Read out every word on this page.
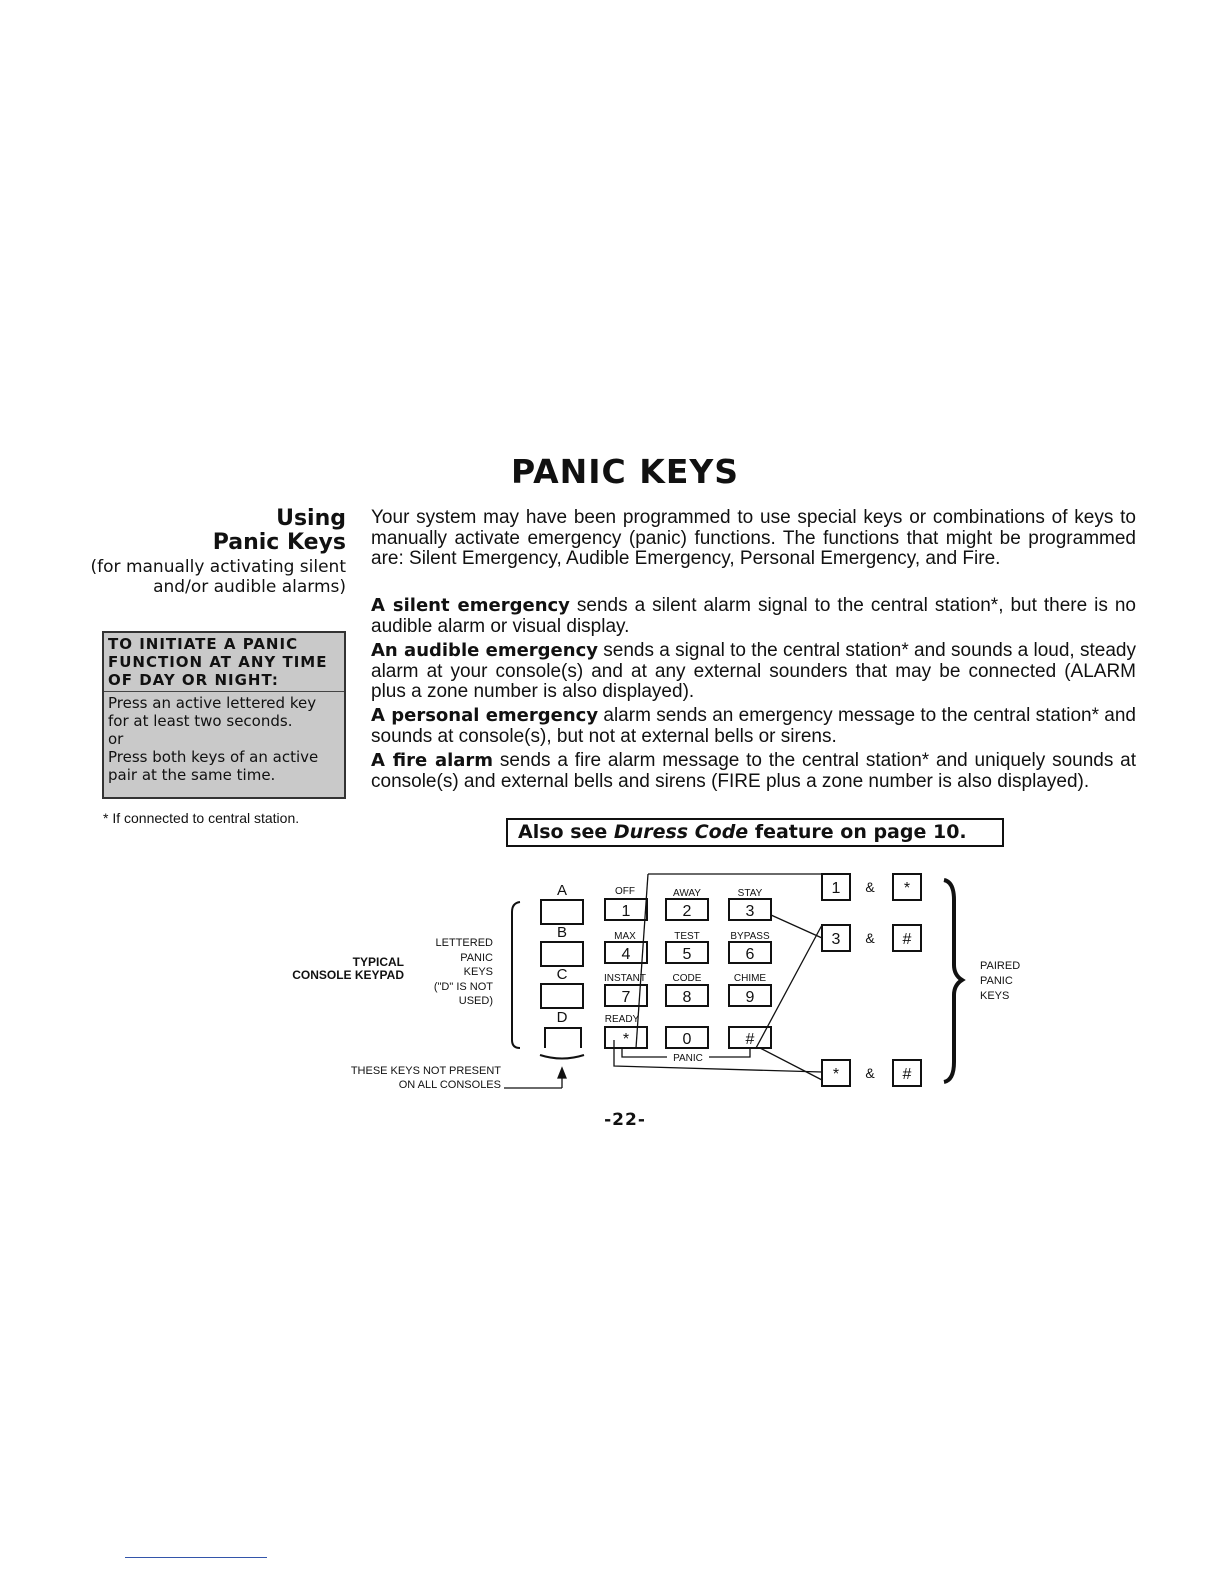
PANIC KEYS
Using
Panic Keys
(for manually activating silent and/or audible alarms)
TO INITIATE A PANIC FUNCTION AT ANY TIME OF DAY OR NIGHT:
Press an active lettered key for at least two seconds.
or
Press both keys of an active pair at the same time.
* If connected to central station.
Your system may have been programmed to use special keys or combinations of keys to manually activate emergency (panic) functions. The functions that might be programmed are: Silent Emergency, Audible Emergency, Personal Emergency, and Fire.
A silent emergency sends a silent alarm signal to the central station*, but there is no audible alarm or visual display.
An audible emergency sends a signal to the central station* and sounds a loud, steady alarm at your console(s) and at any external sounders that may be connected (ALARM plus a zone number is also displayed).
A personal emergency alarm sends an emergency message to the central station* and sounds at console(s), but not at external bells or sirens.
A fire alarm sends a fire alarm message to the central station* and uniquely sounds at console(s) and external bells and sirens (FIRE plus a zone number is also displayed).
Also see Duress Code feature on page 10.
TYPICAL
CONSOLE KEYPAD
LETTERED
PANIC
KEYS
("D" IS NOT
USED)
THESE KEYS NOT PRESENT
ON ALL CONSOLES
PAIRED
PANIC
KEYS
A
B
C
D
OFF	AWAY	STAY
MAX	TEST	BYPASS
INSTANT	CODE	CHIME
READY
PANIC
1	2	3
4	5	6
7	8	9
*	0	#
1 & *
3 & #
* & #
-22-
